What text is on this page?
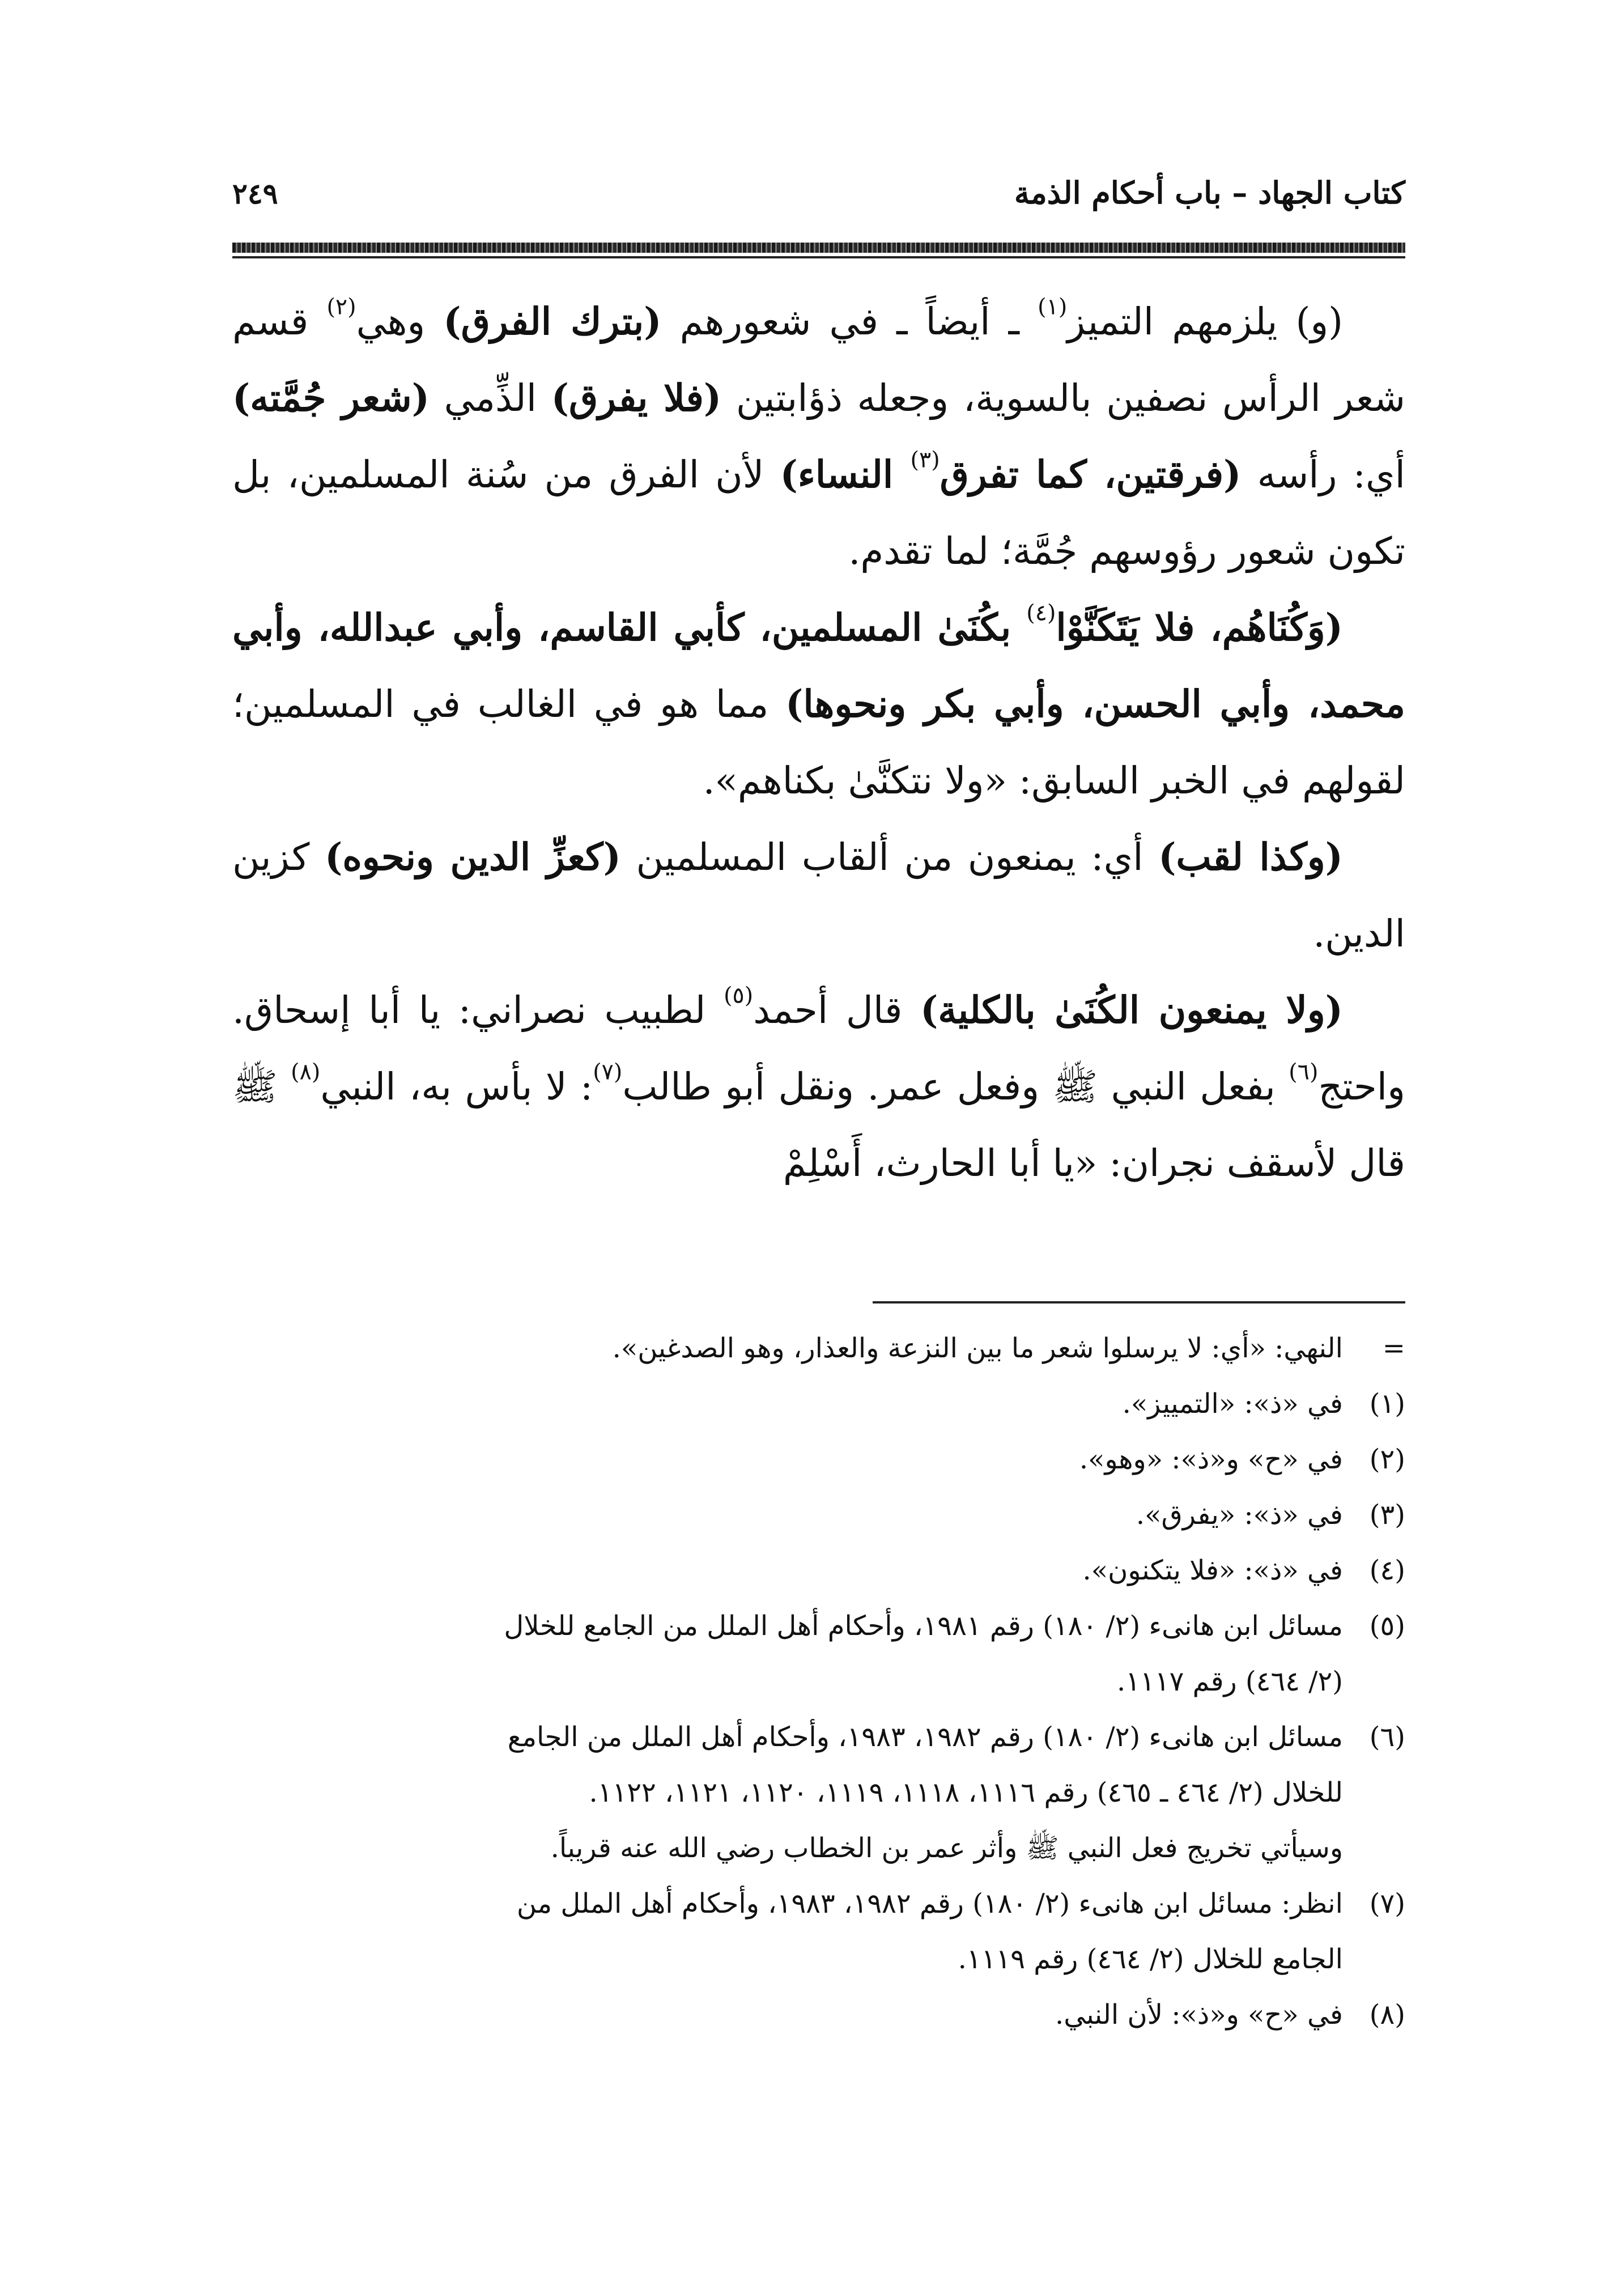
كتاب الجهاد – باب أحكام الذمة
٢٤٩

(و) يلزمهم التميز$^{(١)}$ ـ أيضاً ـ في شعورهم (بترك الفرق) وهي$^{(٢)}$ قسم شعر الرأس نصفين بالسوية، وجعله ذؤابتين (فلا يفرق) الذِّمي (شعر جُمَّته) أي: رأسه (فرقتين، كما تفرق$^{(٣)}$ النساء) لأن الفرق من سُنة المسلمين، بل تكون شعور رؤوسهم جُمَّة؛ لما تقدم.

(وَكُنَاهُم، فلا يَتَكَنَّوْا$^{(٤)}$ بكُنَىٰ المسلمين، كأبي القاسم، وأبي عبدالله، وأبي محمد، وأبي الحسن، وأبي بكر ونحوها) مما هو في الغالب في المسلمين؛ لقولهم في الخبر السابق: «ولا نتكنَّىٰ بكناهم».

(وكذا لقب) أي: يمنعون من ألقاب المسلمين (كعزِّ الدين ونحوه) كزين الدين.

(ولا يمنعون الكُنَىٰ بالكلية) قال أحمد$^{(٥)}$ لطبيب نصراني: يا أبا إسحاق. واحتج$^{(٦)}$ بفعل النبي ﷺ وفعل عمر. ونقل أبو طالب$^{(٧)}$: لا بأس به، النبي$^{(٨)}$ ﷺ قال لأسقف نجران: «يا أبا الحارث، أَسْلِمْ

=
النهي: «أي: لا يرسلوا شعر ما بين النزعة والعذار، وهو الصدغين».
(١)
في «ذ»: «التمييز».
(٢)
في «ح» و«ذ»: «وهو».
(٣)
في «ذ»: «يفرق».
(٤)
في «ذ»: «فلا يتكنون».
(٥)
مسائل ابن هانىء (٢/ ١٨٠) رقم ١٩٨١، وأحكام أهل الملل من الجامع للخلال
(٢/ ٤٦٤) رقم ١١١٧.
(٦)
مسائل ابن هانىء (٢/ ١٨٠) رقم ١٩٨٢، ١٩٨٣، وأحكام أهل الملل من الجامع
للخلال (٢/ ٤٦٤ ـ ٤٦٥) رقم ١١١٦، ١١١٨، ١١١٩، ١١٢٠، ١١٢١، ١١٢٢.
وسيأتي تخريج فعل النبي ﷺ وأثر عمر بن الخطاب رضي الله عنه قريباً.
(٧)
انظر: مسائل ابن هانىء (٢/ ١٨٠) رقم ١٩٨٢، ١٩٨٣، وأحكام أهل الملل من
الجامع للخلال (٢/ ٤٦٤) رقم ١١١٩.
(٨)
في «ح» و«ذ»: لأن النبي.
